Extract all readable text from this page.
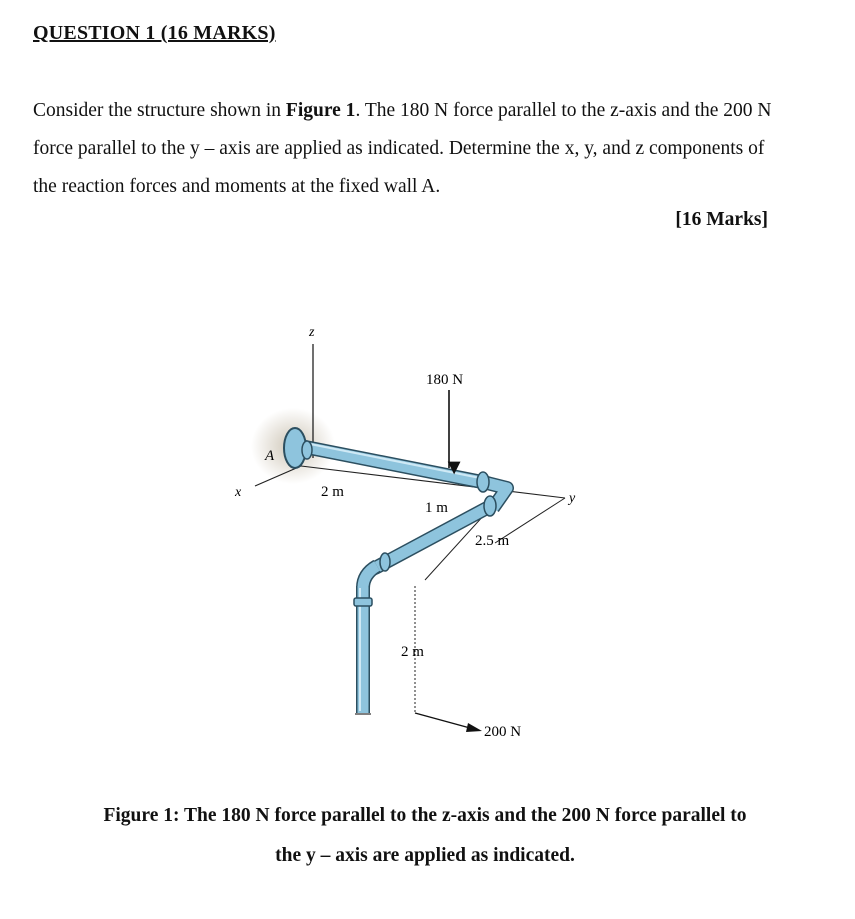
QUESTION 1 (16 MARKS)
Consider the structure shown in Figure 1. The 180 N force parallel to the z-axis and the 200 N force parallel to the y – axis are applied as indicated. Determine the x, y, and z components of the reaction forces and moments at the fixed wall A.
[16 Marks]
z
x	y
180 N
200 N
A
2 m
1 m
2.5 m
2 m
Figure 1: The 180 N force parallel to the z-axis and the 200 N force parallel to
the y – axis are applied as indicated.
